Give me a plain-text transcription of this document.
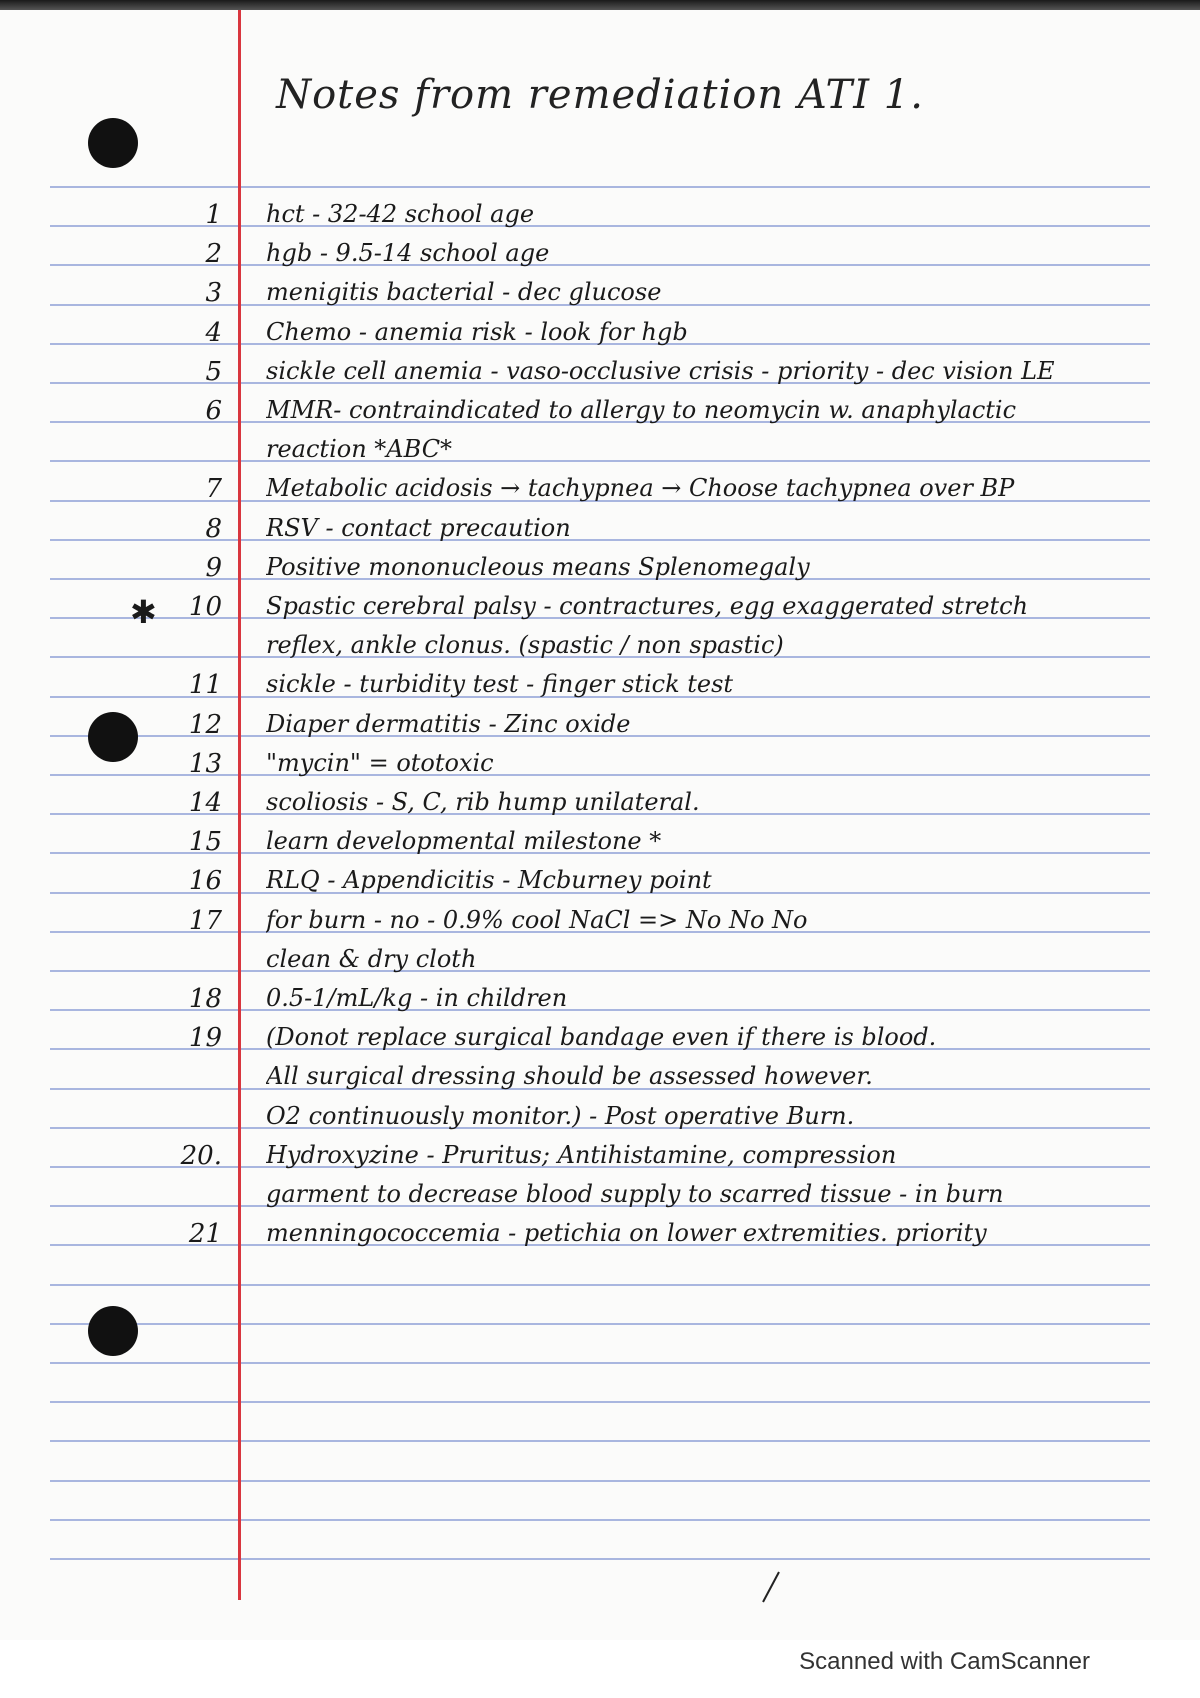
Notes from remediation ATI 1.
✱
1 hct - 32-42 school age
2 hgb - 9.5-14 school age
3 menigitis bacterial - dec glucose
4 Chemo - anemia risk - look for hgb
5 sickle cell anemia - vaso-occlusive crisis - priority - dec vision LE
6 MMR- contraindicated to allergy to neomycin w. anaphylactic
reaction *ABC*
7 Metabolic acidosis → tachypnea → Choose tachypnea over BP
8 RSV - contact precaution
9 Positive mononucleous means Splenomegaly
10 Spastic cerebral palsy - contractures, egg exaggerated stretch
reflex, ankle clonus. (spastic / non spastic)
11 sickle - turbidity test - finger stick test
12 Diaper dermatitis - Zinc oxide
13 "mycin" = ototoxic
14 scoliosis - S, C, rib hump unilateral.
15 learn developmental milestone *
16 RLQ - Appendicitis - Mcburney point
17 for burn - no - 0.9% cool NaCl => No No No
clean & dry cloth
18 0.5-1/mL/kg - in children
19 (Donot replace surgical bandage even if there is blood.
All surgical dressing should be assessed however.
O2 continuously monitor.) - Post operative Burn.
20. Hydroxyzine - Pruritus; Antihistamine, compression
garment to decrease blood supply to scarred tissue - in burn
21 menningococcemia - petichia on lower extremities. priority
Scanned with CamScanner
